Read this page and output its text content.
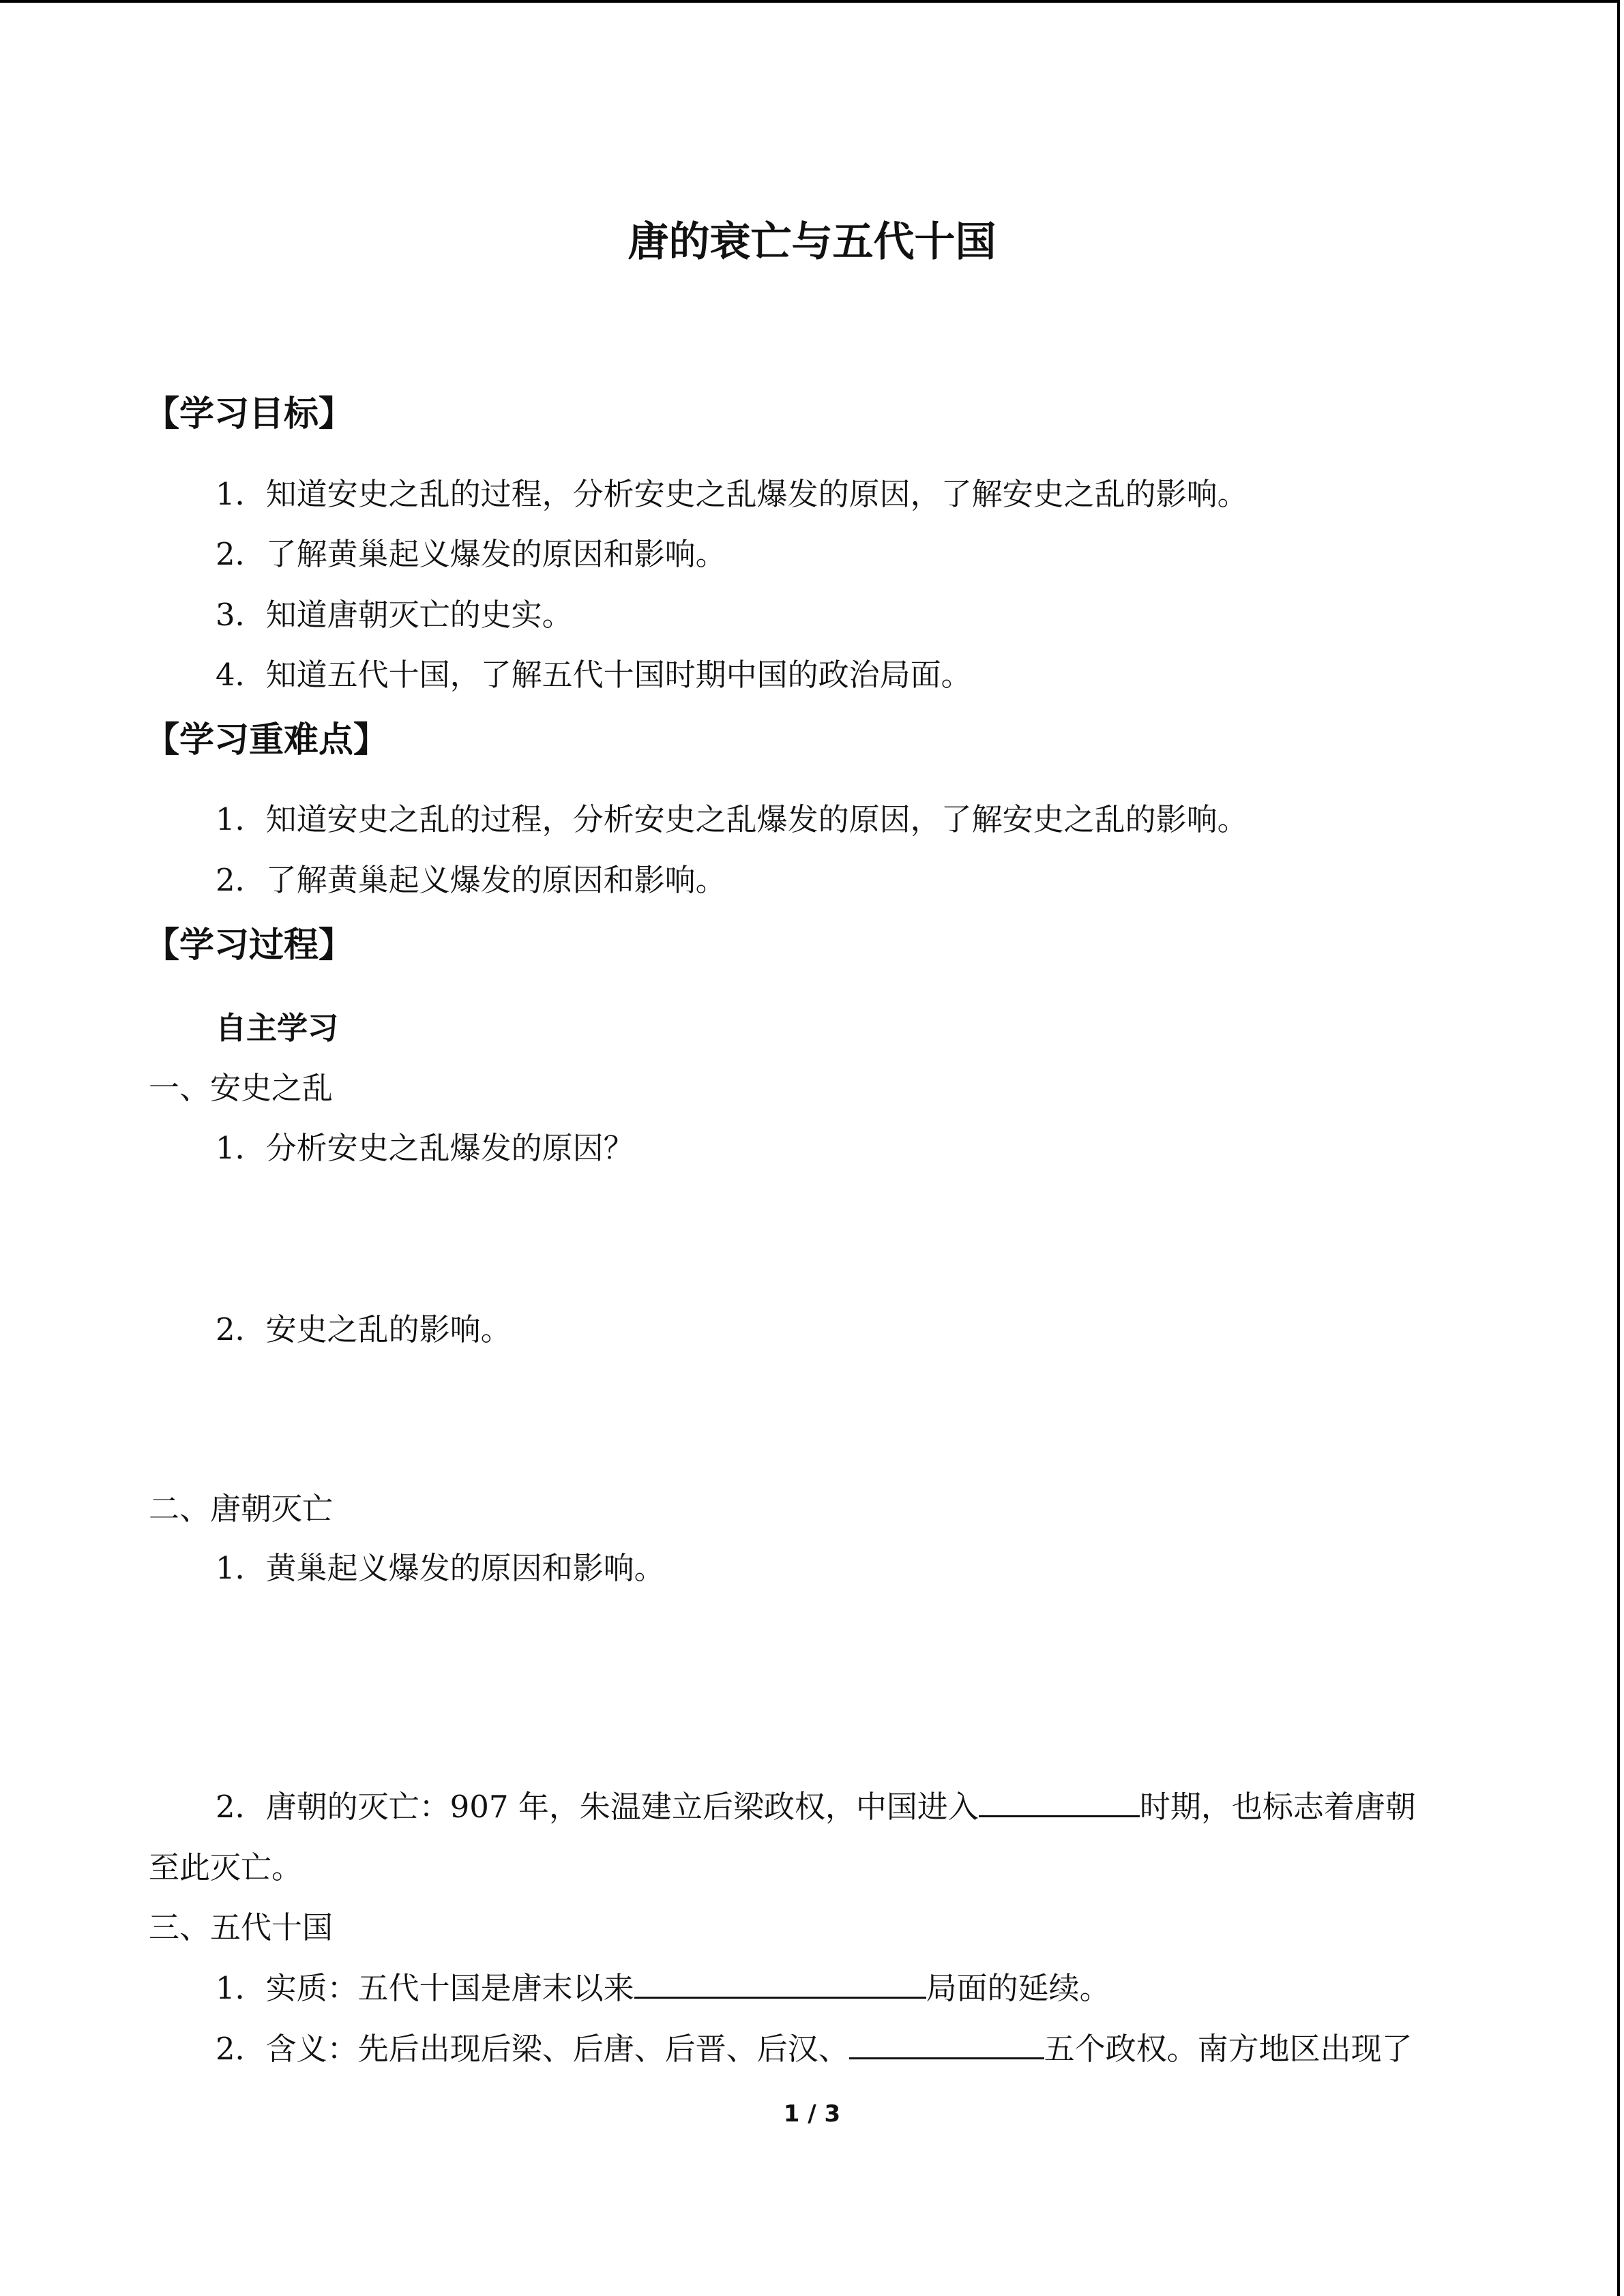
唐的衰亡与五代十国
【学习目标】
1．知道安史之乱的过程，分析安史之乱爆发的原因，了解安史之乱的影响。
2．了解黄巢起义爆发的原因和影响。
3．知道唐朝灭亡的史实。
4．知道五代十国，了解五代十国时期中国的政治局面。
【学习重难点】
1．知道安史之乱的过程，分析安史之乱爆发的原因，了解安史之乱的影响。
2．了解黄巢起义爆发的原因和影响。
【学习过程】
自主学习
一、安史之乱
1．分析安史之乱爆发的原因？
2．安史之乱的影响。
二、唐朝灭亡
1．黄巢起义爆发的原因和影响。
2．唐朝的灭亡：907 年，朱温建立后梁政权，中国进入	时期，也标志着唐朝
至此灭亡。
三、五代十国
1．实质：五代十国是唐末以来	局面的延续。
2．含义：先后出现后梁、后唐、后晋、后汉、	五个政权。南方地区出现了
1 / 3
